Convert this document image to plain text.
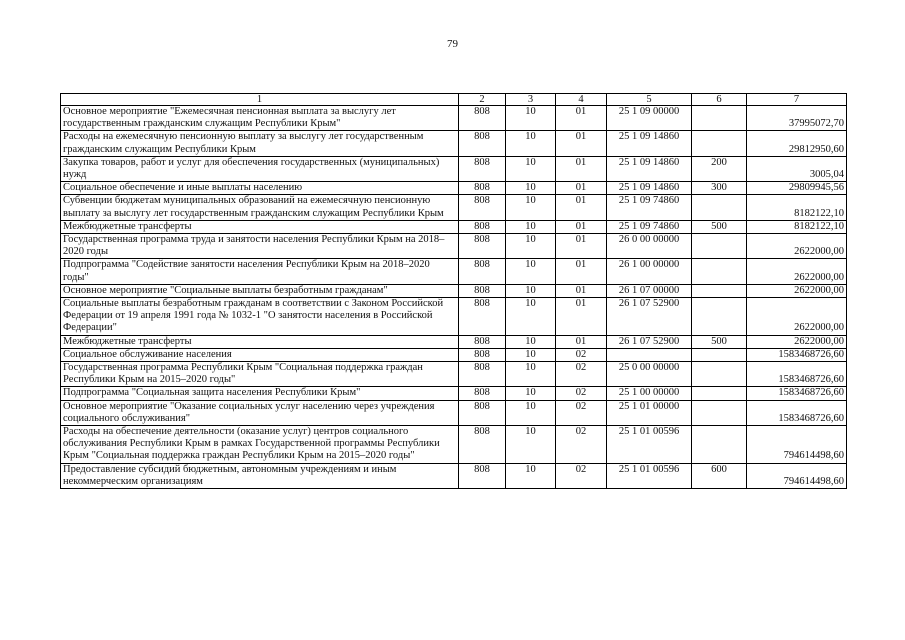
79
1	2	3	4	5	6	7
Основное мероприятие "Ежемесячная пенсионная выплата за выслугу лет государственным гражданским служащим Республики Крым"	808	10	01	25 1 09 00000		37995072,70
Расходы на ежемесячную пенсионную выплату за выслугу лет государственным гражданским служащим Республики Крым	808	10	01	25 1 09 14860		29812950,60
Закупка товаров, работ и услуг для обеспечения государственных (муниципальных) нужд	808	10	01	25 1 09 14860	200	3005,04
Социальное обеспечение и иные выплаты населению	808	10	01	25 1 09 14860	300	29809945,56
Субвенции бюджетам муниципальных образований на ежемесячную пенсионную выплату за выслугу лет государственным гражданским служащим Республики Крым	808	10	01	25 1 09 74860		8182122,10
Межбюджетные трансферты	808	10	01	25 1 09 74860	500	8182122,10
Государственная программа труда и занятости населения Республики Крым на 2018–2020 годы	808	10	01	26 0 00 00000		2622000,00
Подпрограмма "Содействие занятости населения Республики Крым на 2018–2020 годы"	808	10	01	26 1 00 00000		2622000,00
Основное мероприятие "Социальные выплаты безработным гражданам"	808	10	01	26 1 07 00000		2622000,00
Социальные выплаты безработным гражданам в соответствии с Законом Российской Федерации от 19 апреля 1991 года № 1032-1 "О занятости населения в Российской Федерации"	808	10	01	26 1 07 52900		2622000,00
Межбюджетные трансферты	808	10	01	26 1 07 52900	500	2622000,00
Социальное обслуживание населения	808	10	02			1583468726,60
Государственная программа Республики Крым "Социальная поддержка граждан Республики Крым на 2015–2020 годы"	808	10	02	25 0 00 00000		1583468726,60
Подпрограмма "Социальная защита населения Республики Крым"	808	10	02	25 1 00 00000		1583468726,60
Основное мероприятие "Оказание социальных услуг населению через учреждения социального обслуживания"	808	10	02	25 1 01 00000		1583468726,60
Расходы на обеспечение деятельности (оказание услуг) центров социального обслуживания Республики Крым в рамках Государственной программы Республики Крым "Социальная поддержка граждан Республики Крым на 2015–2020 годы"	808	10	02	25 1 01 00596		794614498,60
Предоставление субсидий бюджетным, автономным учреждениям и иным некоммерческим организациям	808	10	02	25 1 01 00596	600	794614498,60
